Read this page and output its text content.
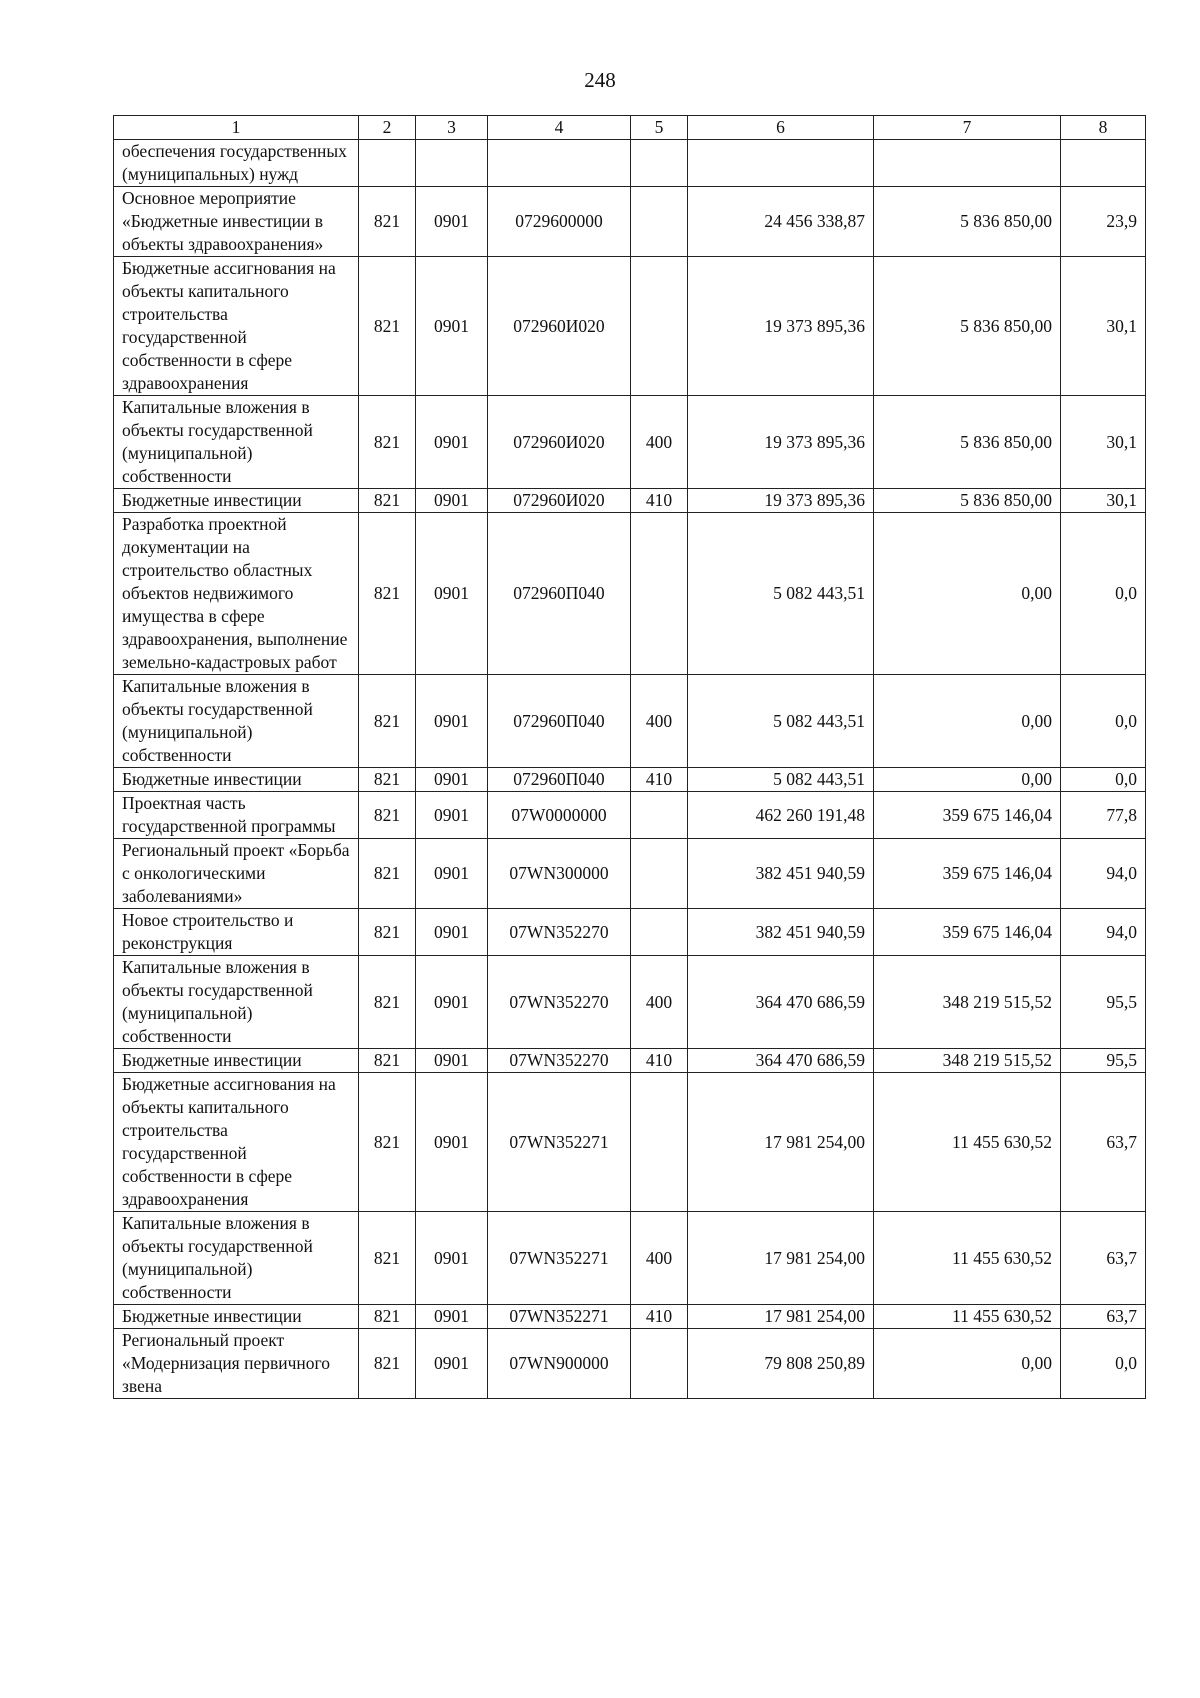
248
1	2	3	4	5	6	7	8
обеспечения государственных (муниципальных) нужд							
Основное мероприятие «Бюджетные инвестиции в объекты здравоохранения»	821	0901	0729600000		24 456 338,87	5 836 850,00	23,9
Бюджетные ассигнования на объекты капитального строительства государственной собственности в сфере здравоохранения	821	0901	072960И020		19 373 895,36	5 836 850,00	30,1
Капитальные вложения в объекты государственной (муниципальной) собственности	821	0901	072960И020	400	19 373 895,36	5 836 850,00	30,1
Бюджетные инвестиции	821	0901	072960И020	410	19 373 895,36	5 836 850,00	30,1
Разработка проектной документации на строительство областных объектов недвижимого имущества в сфере здравоохранения, выполнение земельно-кадастровых работ	821	0901	072960П040		5 082 443,51	0,00	0,0
Капитальные вложения в объекты государственной (муниципальной) собственности	821	0901	072960П040	400	5 082 443,51	0,00	0,0
Бюджетные инвестиции	821	0901	072960П040	410	5 082 443,51	0,00	0,0
Проектная часть государственной программы	821	0901	07W0000000		462 260 191,48	359 675 146,04	77,8
Региональный проект «Борьба с онкологическими заболеваниями»	821	0901	07WN300000		382 451 940,59	359 675 146,04	94,0
Новое строительство и реконструкция	821	0901	07WN352270		382 451 940,59	359 675 146,04	94,0
Капитальные вложения в объекты государственной (муниципальной) собственности	821	0901	07WN352270	400	364 470 686,59	348 219 515,52	95,5
Бюджетные инвестиции	821	0901	07WN352270	410	364 470 686,59	348 219 515,52	95,5
Бюджетные ассигнования на объекты капитального строительства государственной собственности в сфере здравоохранения	821	0901	07WN352271		17 981 254,00	11 455 630,52	63,7
Капитальные вложения в объекты государственной (муниципальной) собственности	821	0901	07WN352271	400	17 981 254,00	11 455 630,52	63,7
Бюджетные инвестиции	821	0901	07WN352271	410	17 981 254,00	11 455 630,52	63,7
Региональный проект «Модернизация первичного звена	821	0901	07WN900000		79 808 250,89	0,00	0,0
